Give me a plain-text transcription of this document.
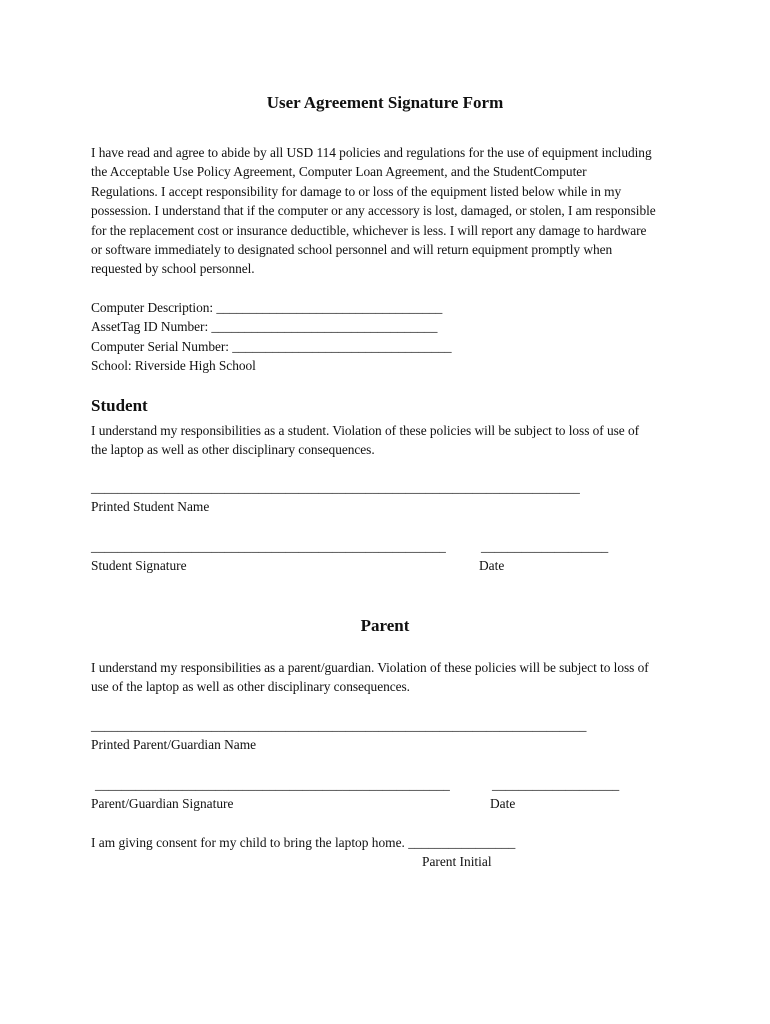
User Agreement Signature Form
I have read and agree to abide by all USD 114 policies and regulations for the use of equipment including
the Acceptable Use Policy Agreement, Computer Loan Agreement, and the StudentComputer
Regulations. I accept responsibility for damage to or loss of the equipment listed below while in my
possession. I understand that if the computer or any accessory is lost, damaged, or stolen, I am responsible
for the replacement cost or insurance deductible, whichever is less. I will report any damage to hardware
or software immediately to designated school personnel and will return equipment promptly when
requested by school personnel.
Computer Description: __________________________________
AssetTag ID Number: __________________________________
Computer Serial Number: _________________________________
School: Riverside High School
Student
I understand my responsibilities as a student. Violation of these policies will be subject to loss of use of
the laptop as well as other disciplinary consequences.
_________________________________________________________________________
Printed Student Name
_____________________________________________________	___________________
Student Signature	Date
Parent
I understand my responsibilities as a parent/guardian. Violation of these policies will be subject to loss of
use of the laptop as well as other disciplinary consequences.
__________________________________________________________________________
Printed Parent/Guardian Name
_____________________________________________________	___________________
Parent/Guardian Signature	Date
I am giving consent for my child to bring the laptop home. ________________
Parent Initial
